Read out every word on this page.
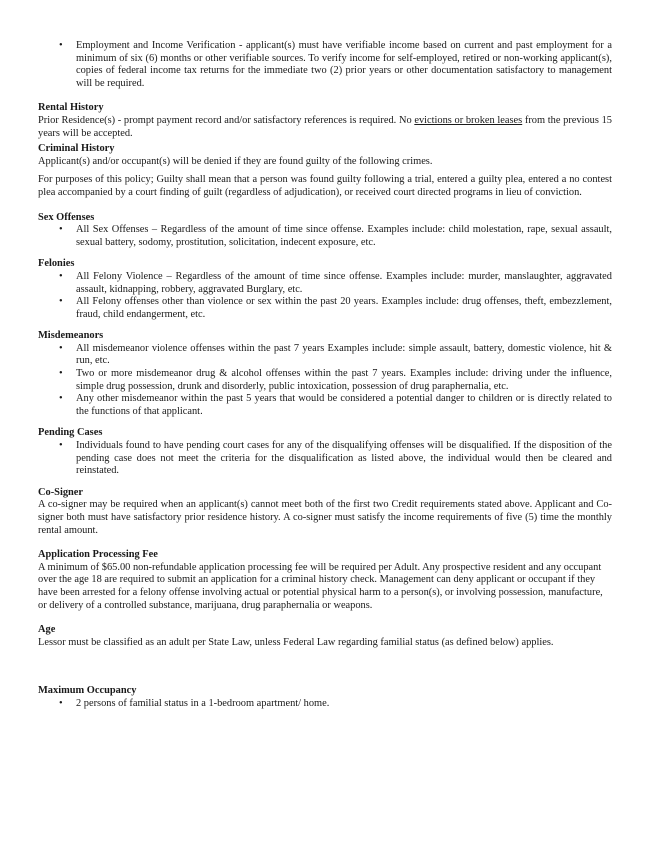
• Employment and Income Verification - applicant(s) must have verifiable income based on current and past employment for a minimum of six (6) months or other verifiable sources. To verify income for self-employed, retired or non-working applicant(s), copies of federal income tax returns for the immediate two (2) prior years or other documentation satisfactory to management will be required.
Rental History

Prior Residence(s) - prompt payment record and/or satisfactory references is required. No evictions or broken leases from the previous 15 years will be accepted.

Criminal History

Applicant(s) and/or occupant(s) will be denied if they are found guilty of the following crimes.

For purposes of this policy; Guilty shall mean that a person was found guilty following a trial, entered a guilty plea, entered a no contest plea accompanied by a court finding of guilt (regardless of adjudication), or received court directed programs in lieu of conviction.

Sex Offenses
• All Sex Offenses – Regardless of the amount of time since offense. Examples include: child molestation, rape, sexual assault, sexual battery, sodomy, prostitution, solicitation, indecent exposure, etc.
Felonies
• All Felony Violence – Regardless of the amount of time since offense. Examples include: murder, manslaughter, aggravated assault, kidnapping, robbery, aggravated Burglary, etc.
• All Felony offenses other than violence or sex within the past 20 years. Examples include: drug offenses, theft, embezzlement, fraud, child endangerment, etc.
Misdemeanors
• All misdemeanor violence offenses within the past 7 years Examples include: simple assault, battery, domestic violence, hit & run, etc.
• Two or more misdemeanor drug & alcohol offenses within the past 7 years. Examples include: driving under the influence, simple drug possession, drunk and disorderly, public intoxication, possession of drug paraphernalia, etc.
• Any other misdemeanor within the past 5 years that would be considered a potential danger to children or is directly related to the functions of that applicant.
Pending Cases
• Individuals found to have pending court cases for any of the disqualifying offenses will be disqualified. If the disposition of the pending case does not meet the criteria for the disqualification as listed above, the individual would then be cleared and reinstated.
Co-Signer

A co-signer may be required when an applicant(s) cannot meet both of the first two Credit requirements stated above. Applicant and Co-signer both must have satisfactory prior residence history. A co-signer must satisfy the income requirements of five (5) time the monthly rental amount.

Application Processing Fee

A minimum of $65.00 non-refundable application processing fee will be required per Adult. Any prospective resident and any occupant over the age 18 are required to submit an application for a criminal history check. Management can deny applicant or occupant if they have been arrested for a felony offense involving actual or potential physical harm to a person(s), or involving possession, manufacture, or delivery of a controlled substance, marijuana, drug paraphernalia or weapons.

Age

Lessor must be classified as an adult per State Law, unless Federal Law regarding familial status (as defined below) applies.

Maximum Occupancy
• 2 persons of familial status in a 1-bedroom apartment/ home.
